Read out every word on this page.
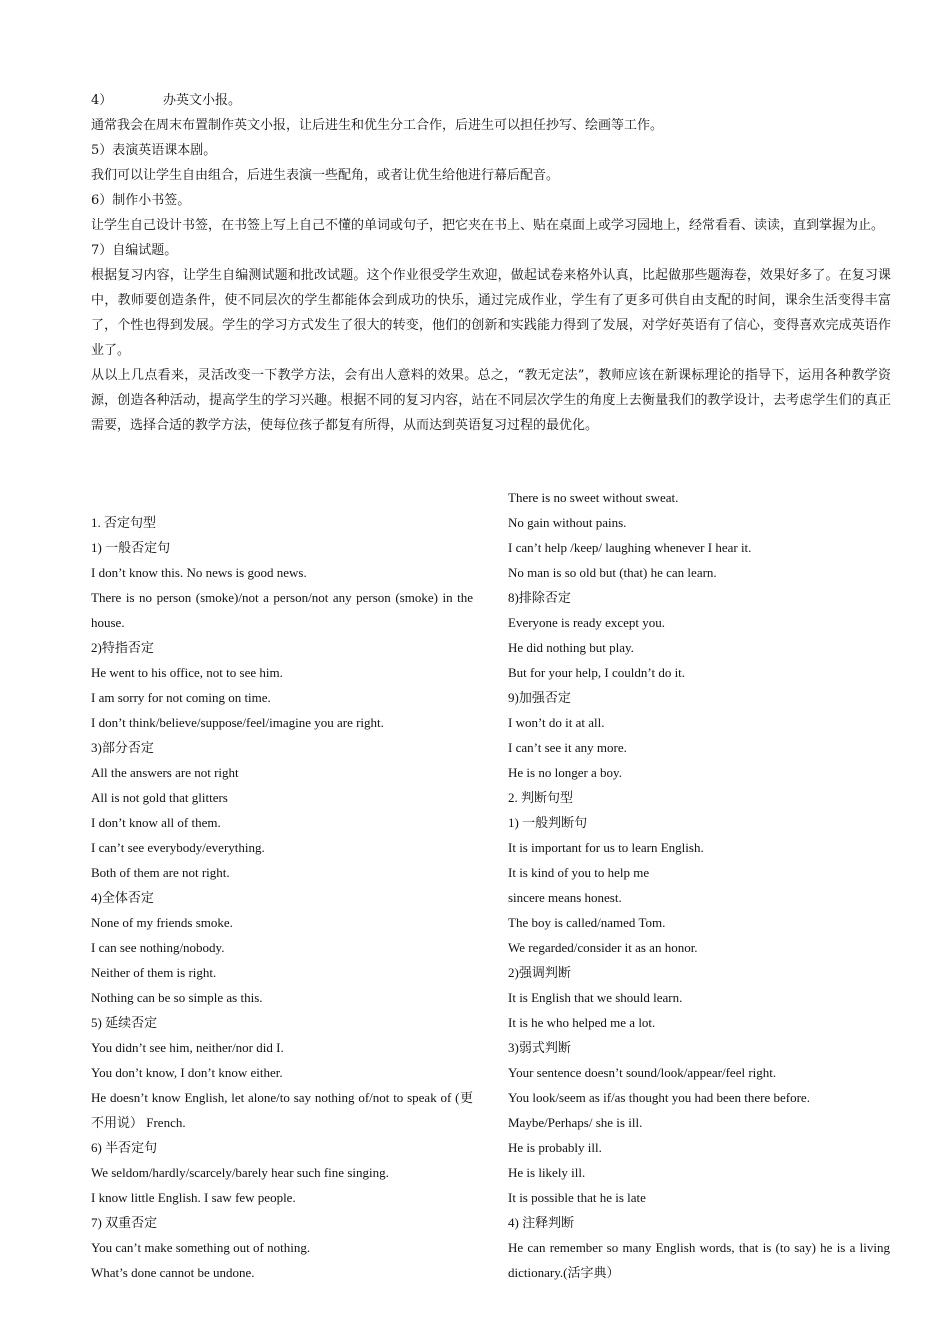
4）	办英文小报。

通常我会在周末布置制作英文小报，让后进生和优生分工合作，后进生可以担任抄写、绘画等工作。

5）表演英语课本剧。

我们可以让学生自由组合，后进生表演一些配角，或者让优生给他进行幕后配音。

6）制作小书签。

让学生自己设计书签，在书签上写上自己不懂的单词或句子，把它夹在书上、贴在桌面上或学习园地上，经常看看、读读，直到掌握为止。

7）自编试题。

根据复习内容，让学生自编测试题和批改试题。这个作业很受学生欢迎，做起试卷来格外认真，比起做那些题海卷，效果好多了。在复习课中，教师要创造条件，使不同层次的学生都能体会到成功的快乐，通过完成作业，学生有了更多可供自由支配的时间，课余生活变得丰富了，个性也得到发展。学生的学习方式发生了很大的转变，他们的创新和实践能力得到了发展，对学好英语有了信心，变得喜欢完成英语作业了。

从以上几点看来，灵活改变一下教学方法，会有出人意料的效果。总之，“教无定法”，教师应该在新课标理论的指导下，运用各种教学资源，创造各种活动，提高学生的学习兴趣。根据不同的复习内容，站在不同层次学生的角度上去衡量我们的教学设计，去考虑学生们的真正需要，选择合适的教学方法，使每位孩子都复有所得，从而达到英语复习过程的最优化。

1. 否定句型

1) 一般否定句

I don’t know this. No news is good news.

There is no person (smoke)/not a person/not any person (smoke) in the house.

2)特指否定

He went to his office, not to see him.

I am sorry for not coming on time.

I don’t think/believe/suppose/feel/imagine you are right.

3)部分否定

All the answers are not right

All is not gold that glitters

I don’t know all of them.

I can’t see everybody/everything.

Both of them are not right.

4)全体否定

None of my friends smoke.

I can see nothing/nobody.

Neither of them is right.

Nothing can be so simple as this.

5) 延续否定

You didn’t see him, neither/nor did I.

You don’t know, I don’t know either.

He doesn’t know English, let alone/to say nothing of/not to speak of (更不用说） French.

6) 半否定句

We seldom/hardly/scarcely/barely hear such fine singing.

I know little English. I saw few people.

7) 双重否定

You can’t make something out of nothing.

What’s done cannot be undone.

There is no sweet without sweat.

No gain without pains.

I can’t help /keep/ laughing whenever I hear it.

No man is so old but (that) he can learn.

8)排除否定

Everyone is ready except you.

He did nothing but play.

But for your help, I couldn’t do it.

9)加强否定

I won’t do it at all.

I can’t see it any more.

He is no longer a boy.

2. 判断句型

1) 一般判断句

It is important for us to learn English.

It is kind of you to help me

sincere means honest.

The boy is called/named Tom.

We regarded/consider it as an honor.

2)强调判断

It is English that we should learn.

It is he who helped me a lot.

3)弱式判断

Your sentence doesn’t sound/look/appear/feel right.

You look/seem as if/as thought you had been there before.

Maybe/Perhaps/ she is ill.

He is probably ill.

He is likely ill.

It is possible that he is late

4) 注释判断

He can remember so many English words, that is (to say) he is a living dictionary.(活字典）
